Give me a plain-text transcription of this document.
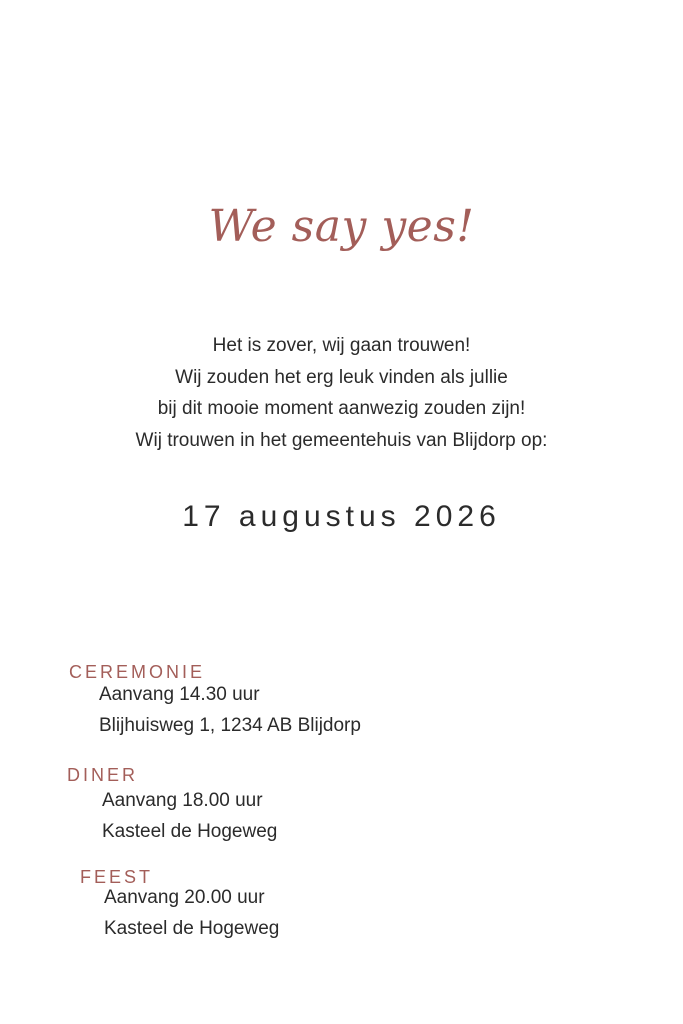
We say yes!
Het is zover, wij gaan trouwen!
Wij zouden het erg leuk vinden als jullie
bij dit mooie moment aanwezig zouden zijn!
Wij trouwen in het gemeentehuis van Blijdorp op:
17 augustus 2026
CEREMONIE
Aanvang 14.30 uur
Blijhuisweg 1, 1234 AB Blijdorp
DINER
Aanvang 18.00 uur
Kasteel de Hogeweg
FEEST
Aanvang 20.00 uur
Kasteel de Hogeweg
